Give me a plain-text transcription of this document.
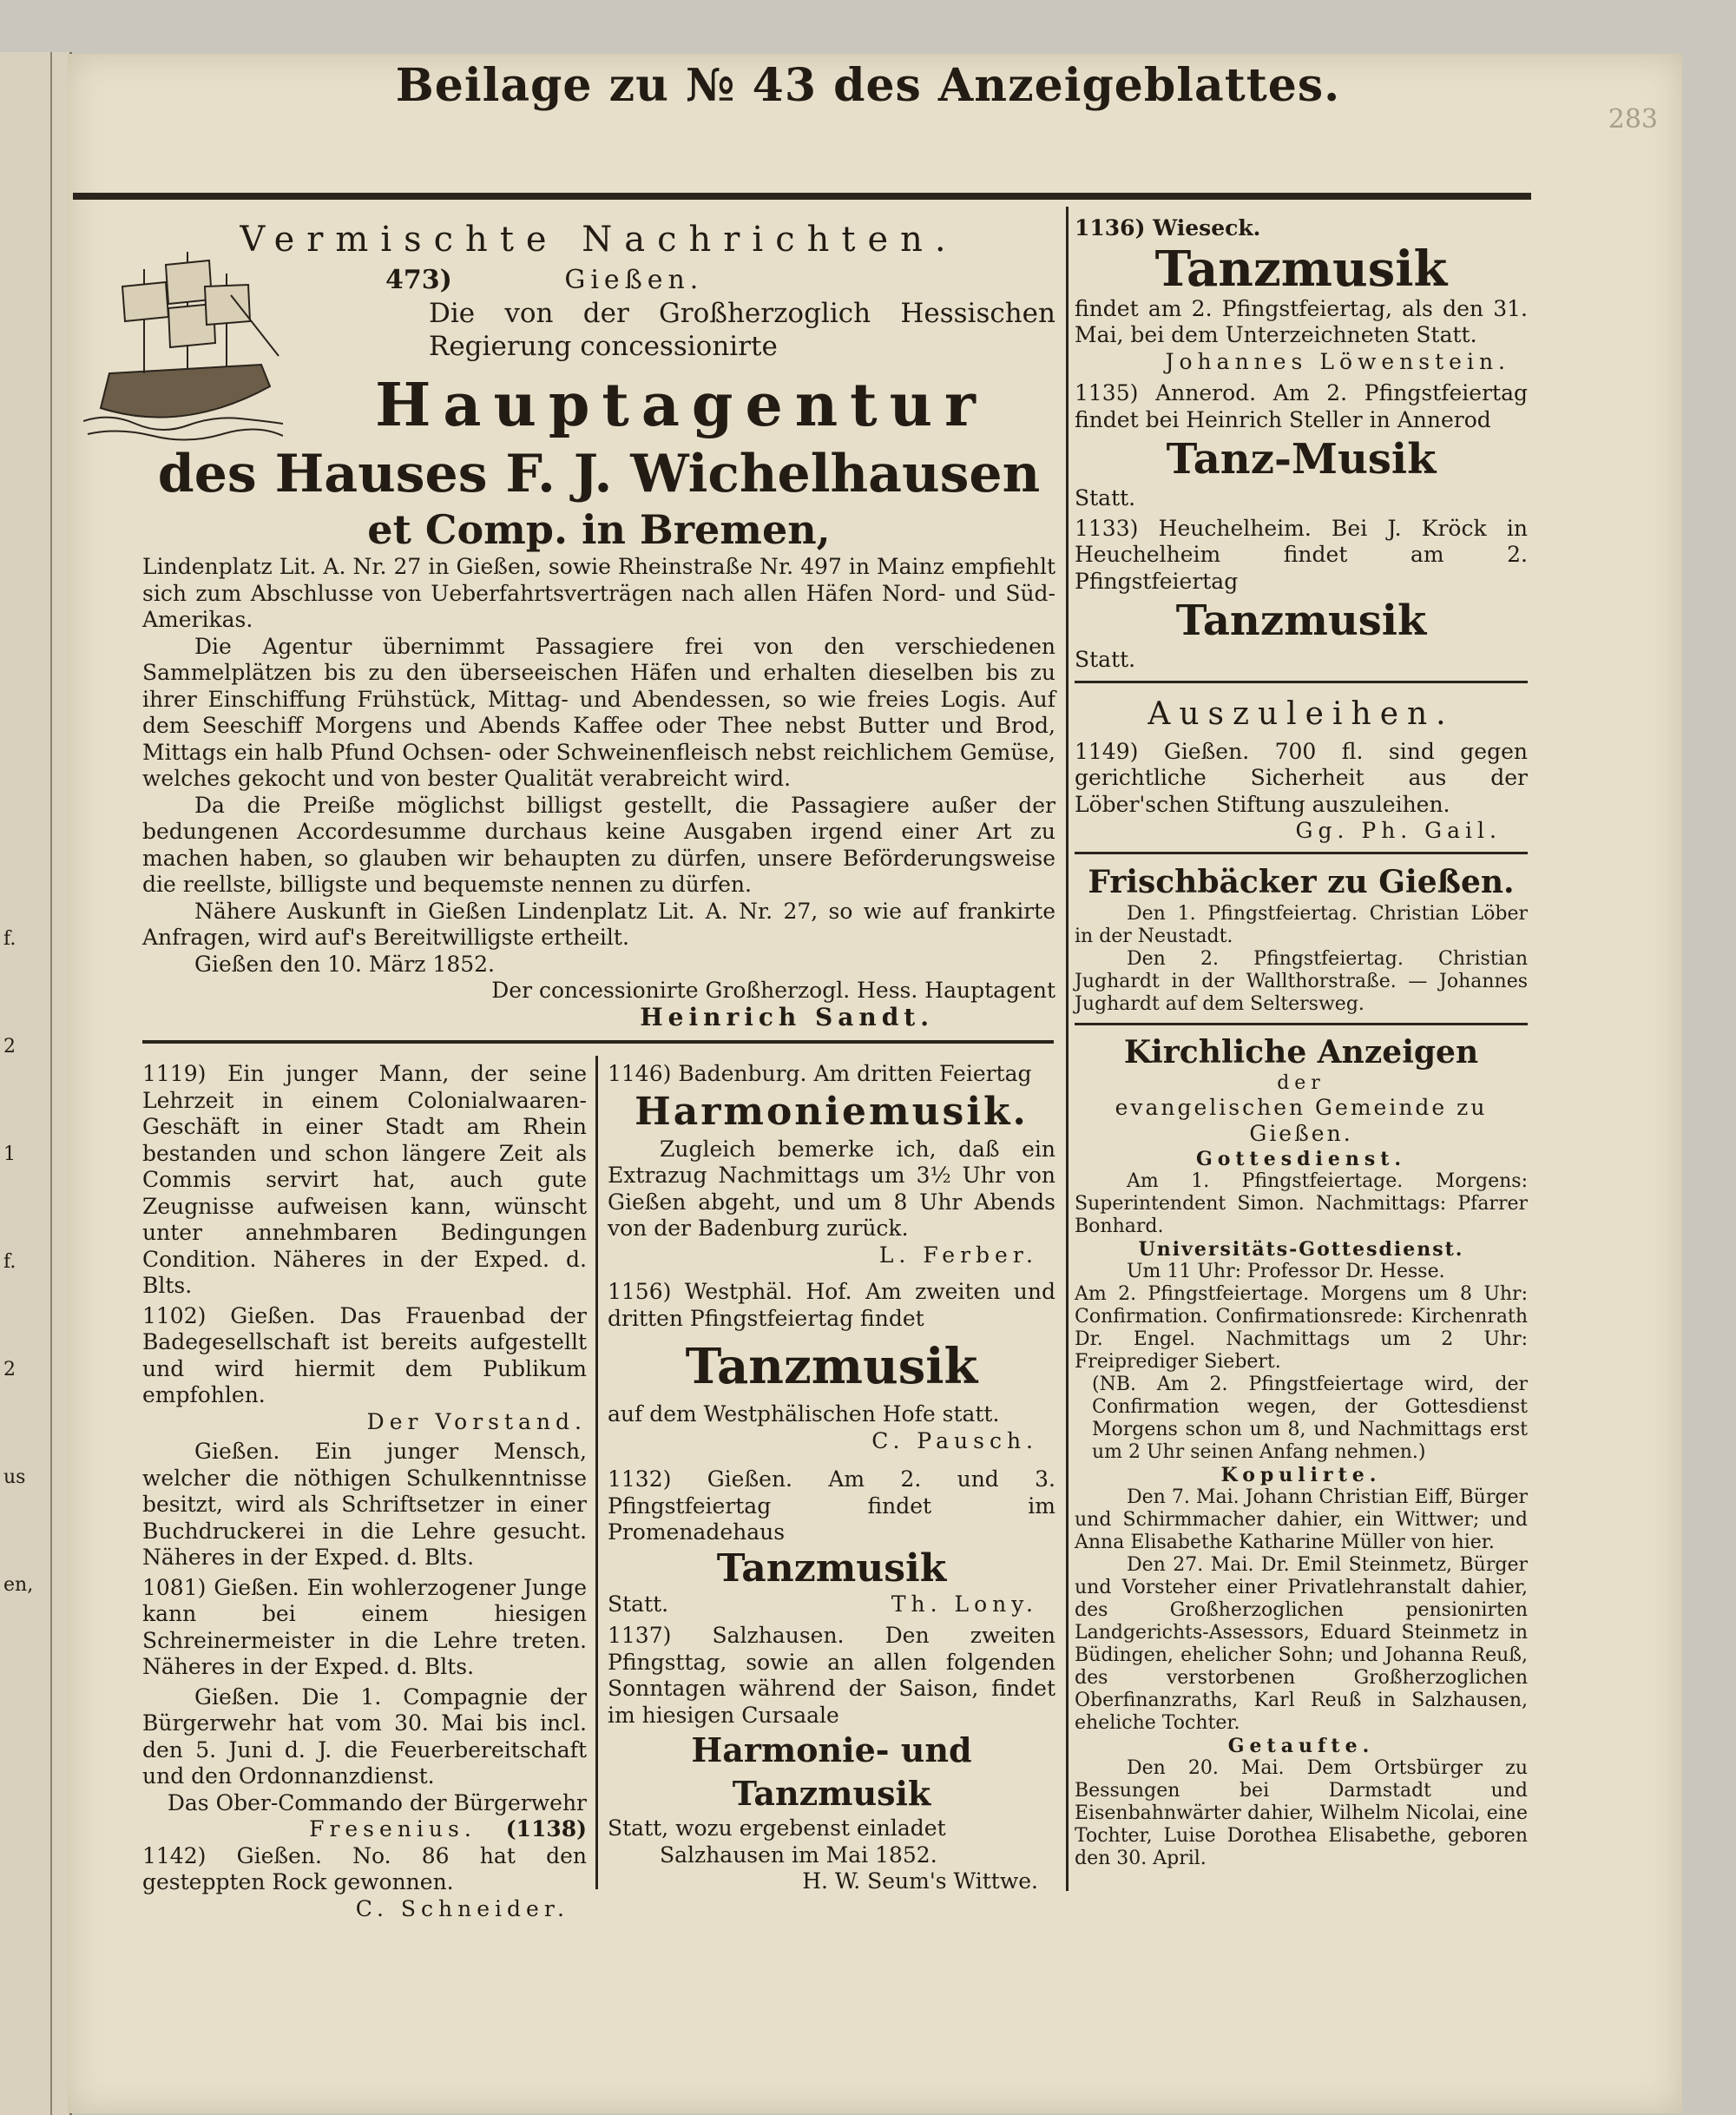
f.
2
1
f.
2
us
en,
283
Beilage zu № 43 des Anzeigeblattes.

Vermischte Nachrichten.

473)	Gießen.

Die von der Großherzoglich Hessischen Regierung concessionirte

Hauptagentur

des Hauses F. J. Wichelhausen

et Comp. in Bremen,

Lindenplatz Lit. A. Nr. 27 in Gießen, sowie Rheinstraße Nr. 497 in Mainz empfiehlt sich zum Abschlusse von Ueberfahrtsverträgen nach allen Häfen Nord- und Süd-Amerikas.

Die Agentur übernimmt Passagiere frei von den verschiedenen Sammelplätzen bis zu den überseeischen Häfen und erhalten dieselben bis zu ihrer Einschiffung Frühstück, Mittag- und Abendessen, so wie freies Logis. Auf dem Seeschiff Morgens und Abends Kaffee oder Thee nebst Butter und Brod, Mittags ein halb Pfund Ochsen- oder Schweinenfleisch nebst reichlichem Gemüse, welches gekocht und von bester Qualität verabreicht wird.

Da die Preiße möglichst billigst gestellt, die Passagiere außer der bedungenen Accordesumme durchaus keine Ausgaben irgend einer Art zu machen haben, so glauben wir behaupten zu dürfen, unsere Beförderungsweise die reellste, billigste und bequemste nennen zu dürfen.

Nähere Auskunft in Gießen Lindenplatz Lit. A. Nr. 27, so wie auf frankirte Anfragen, wird auf's Bereitwilligste ertheilt.

Gießen den 10. März 1852.

Der concessionirte Großherzogl. Hess. Hauptagent

Heinrich Sandt.

1119) Ein junger Mann, der seine Lehrzeit in einem Colonialwaaren-Geschäft in einer Stadt am Rhein bestanden und schon längere Zeit als Commis servirt hat, auch gute Zeugnisse aufweisen kann, wünscht unter annehmbaren Bedingungen Condition. Näheres in der Exped. d. Blts.

1102) Gießen. Das Frauenbad der Badegesellschaft ist bereits aufgestellt und wird hiermit dem Publikum empfohlen.

Der Vorstand.

Gießen. Ein junger Mensch, welcher die nöthigen Schulkenntnisse besitzt, wird als Schriftsetzer in einer Buchdruckerei in die Lehre gesucht. Näheres in der Exped. d. Blts.

1081) Gießen. Ein wohlerzogener Junge kann bei einem hiesigen Schreinermeister in die Lehre treten. Näheres in der Exped. d. Blts.

Gießen. Die 1. Compagnie der Bürgerwehr hat vom 30. Mai bis incl. den 5. Juni d. J. die Feuerbereitschaft und den Ordonnanzdienst.

Das Ober-Commando der Bürgerwehr

Fresenius. (1138)

1142) Gießen. No. 86 hat den gesteppten Rock gewonnen.

C. Schneider.

1146) Badenburg. Am dritten Feiertag

Harmoniemusik.

Zugleich bemerke ich, daß ein Extrazug Nachmittags um 3½ Uhr von Gießen abgeht, und um 8 Uhr Abends von der Badenburg zurück.

L. Ferber.

1156) Westphäl. Hof. Am zweiten und dritten Pfingstfeiertag findet

Tanzmusik

auf dem Westphälischen Hofe statt.

C. Pausch.

1132) Gießen. Am 2. und 3. Pfingstfeiertag findet im Promenadehaus

Tanzmusik

Statt.	Th. Lony.

1137) Salzhausen. Den zweiten Pfingsttag, sowie an allen folgenden Sonntagen während der Saison, findet im hiesigen Cursaale

Harmonie- und Tanzmusik

Statt, wozu ergebenst einladet

Salzhausen im Mai 1852.

H. W. Seum's Wittwe.

1136) Wieseck.

Tanzmusik

findet am 2. Pfingstfeiertag, als den 31. Mai, bei dem Unterzeichneten Statt.

Johannes Löwenstein.

1135) Annerod. Am 2. Pfingstfeiertag findet bei Heinrich Steller in Annerod

Tanz-Musik

Statt.

1133) Heuchelheim. Bei J. Kröck in Heuchelheim findet am 2. Pfingstfeiertag

Tanzmusik

Statt.

Auszuleihen.

1149) Gießen. 700 fl. sind gegen gerichtliche Sicherheit aus der Löber'schen Stiftung auszuleihen.

Gg. Ph. Gail.

Frischbäcker zu Gießen.

Den 1. Pfingstfeiertag. Christian Löber in der Neustadt.

Den 2. Pfingstfeiertag. Christian Jughardt in der Wallthorstraße. — Johannes Jughardt auf dem Seltersweg.

Kirchliche Anzeigen

der

evangelischen Gemeinde zu Gießen.

Gottesdienst.

Am 1. Pfingstfeiertage. Morgens: Superintendent Simon. Nachmittags: Pfarrer Bonhard.

Universitäts-Gottesdienst.

Um 11 Uhr: Professor Dr. Hesse.

Am 2. Pfingstfeiertage. Morgens um 8 Uhr: Confirmation. Confirmationsrede: Kirchenrath Dr. Engel. Nachmittags um 2 Uhr: Freiprediger Siebert.

(NB. Am 2. Pfingstfeiertage wird, der Confirmation wegen, der Gottesdienst Morgens schon um 8, und Nachmittags erst um 2 Uhr seinen Anfang nehmen.)

Kopulirte.

Den 7. Mai. Johann Christian Eiff, Bürger und Schirmmacher dahier, ein Wittwer; und Anna Elisabethe Katharine Müller von hier.

Den 27. Mai. Dr. Emil Steinmetz, Bürger und Vorsteher einer Privatlehranstalt dahier, des Großherzoglichen pensionirten Landgerichts-Assessors, Eduard Steinmetz in Büdingen, ehelicher Sohn; und Johanna Reuß, des verstorbenen Großherzoglichen Oberfinanzraths, Karl Reuß in Salzhausen, eheliche Tochter.

Getaufte.

Den 20. Mai. Dem Ortsbürger zu Bessungen bei Darmstadt und Eisenbahnwärter dahier, Wilhelm Nicolai, eine Tochter, Luise Dorothea Elisabethe, geboren den 30. April.
